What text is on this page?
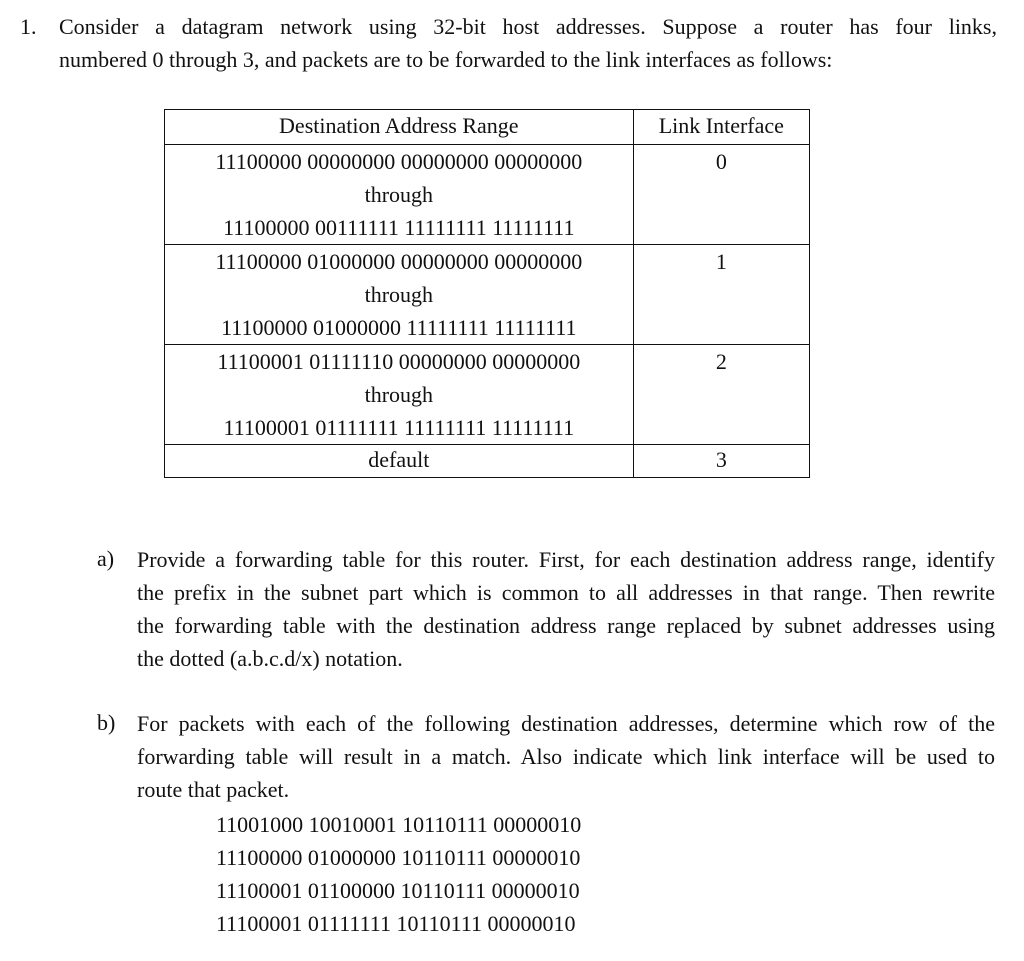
1. Consider a datagram network using 32-bit host addresses. Suppose a router has four links,
numbered 0 through 3, and packets are to be forwarded to the link interfaces as follows:
Destination Address Range	Link Interface

11100000 00000000 00000000 00000000
through
11100000 00111111 11111111 11111111	0

11100000 01000000 00000000 00000000
through
11100000 01000000 11111111 11111111	1

11100001 01111110 00000000 00000000
through
11100001 01111111 11111111 11111111	2
default	3
a) Provide a forwarding table for this router. First, for each destination address range, identify
the prefix in the subnet part which is common to all addresses in that range. Then rewrite
the forwarding table with the destination address range replaced by subnet addresses using
the dotted (a.b.c.d/x) notation.
b) For packets with each of the following destination addresses, determine which row of the
forwarding table will result in a match. Also indicate which link interface will be used to
route that packet.
11001000 10010001 10110111 00000010
11100000 01000000 10110111 00000010
11100001 01100000 10110111 00000010
11100001 01111111 10110111 00000010
